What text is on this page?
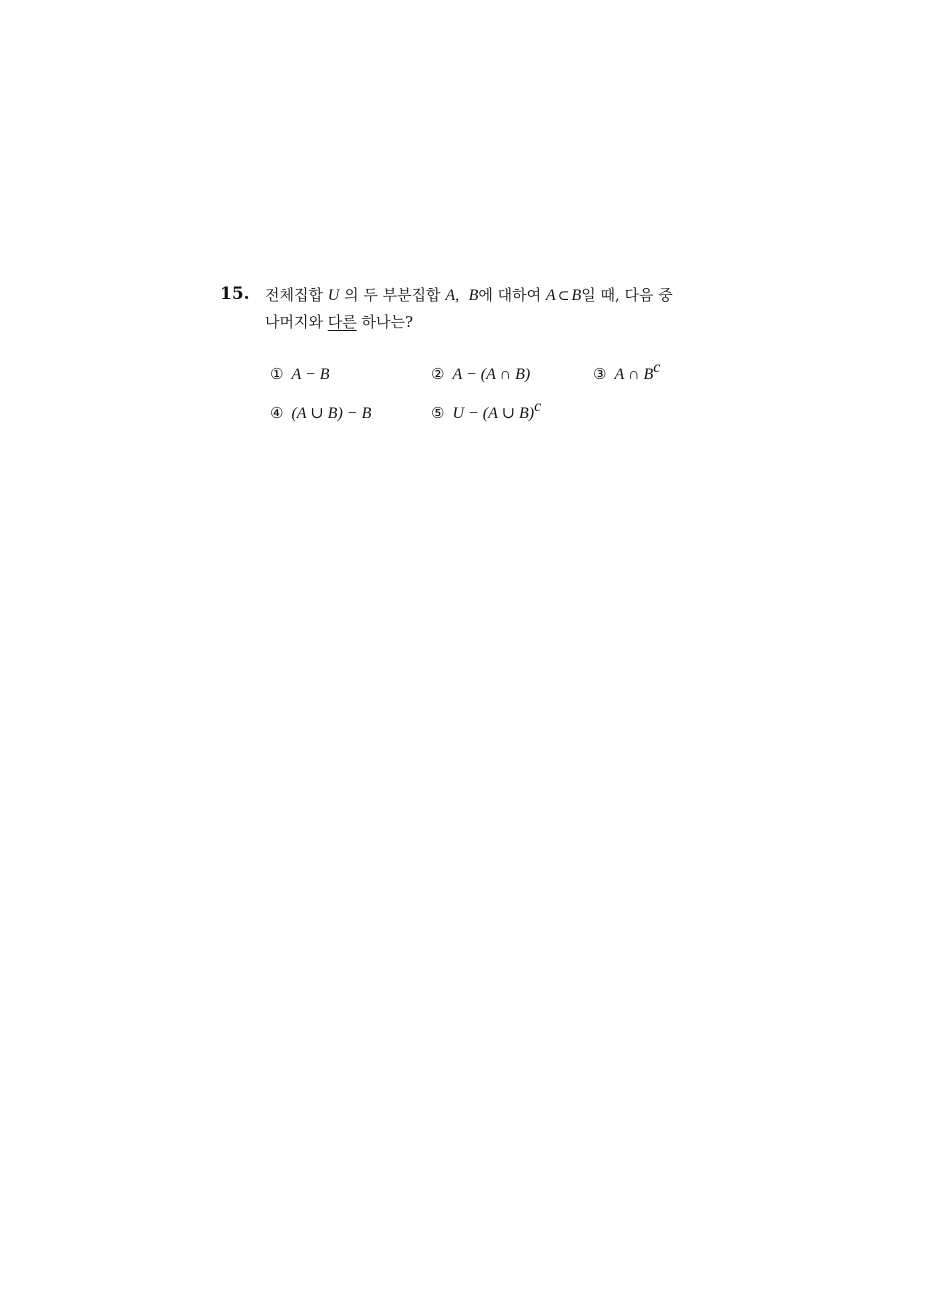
15. 전체집합 U 의 두 부분집합 A, B에 대하여 A ⊂ B일 때, 다음 중
나머지와 다른 하나는?
① A − B	② A − (A ∩ B)	③ A ∩ $B^c$
④ (A ∪ B) − B	⑤ U − (A ∪ B)$^c$
